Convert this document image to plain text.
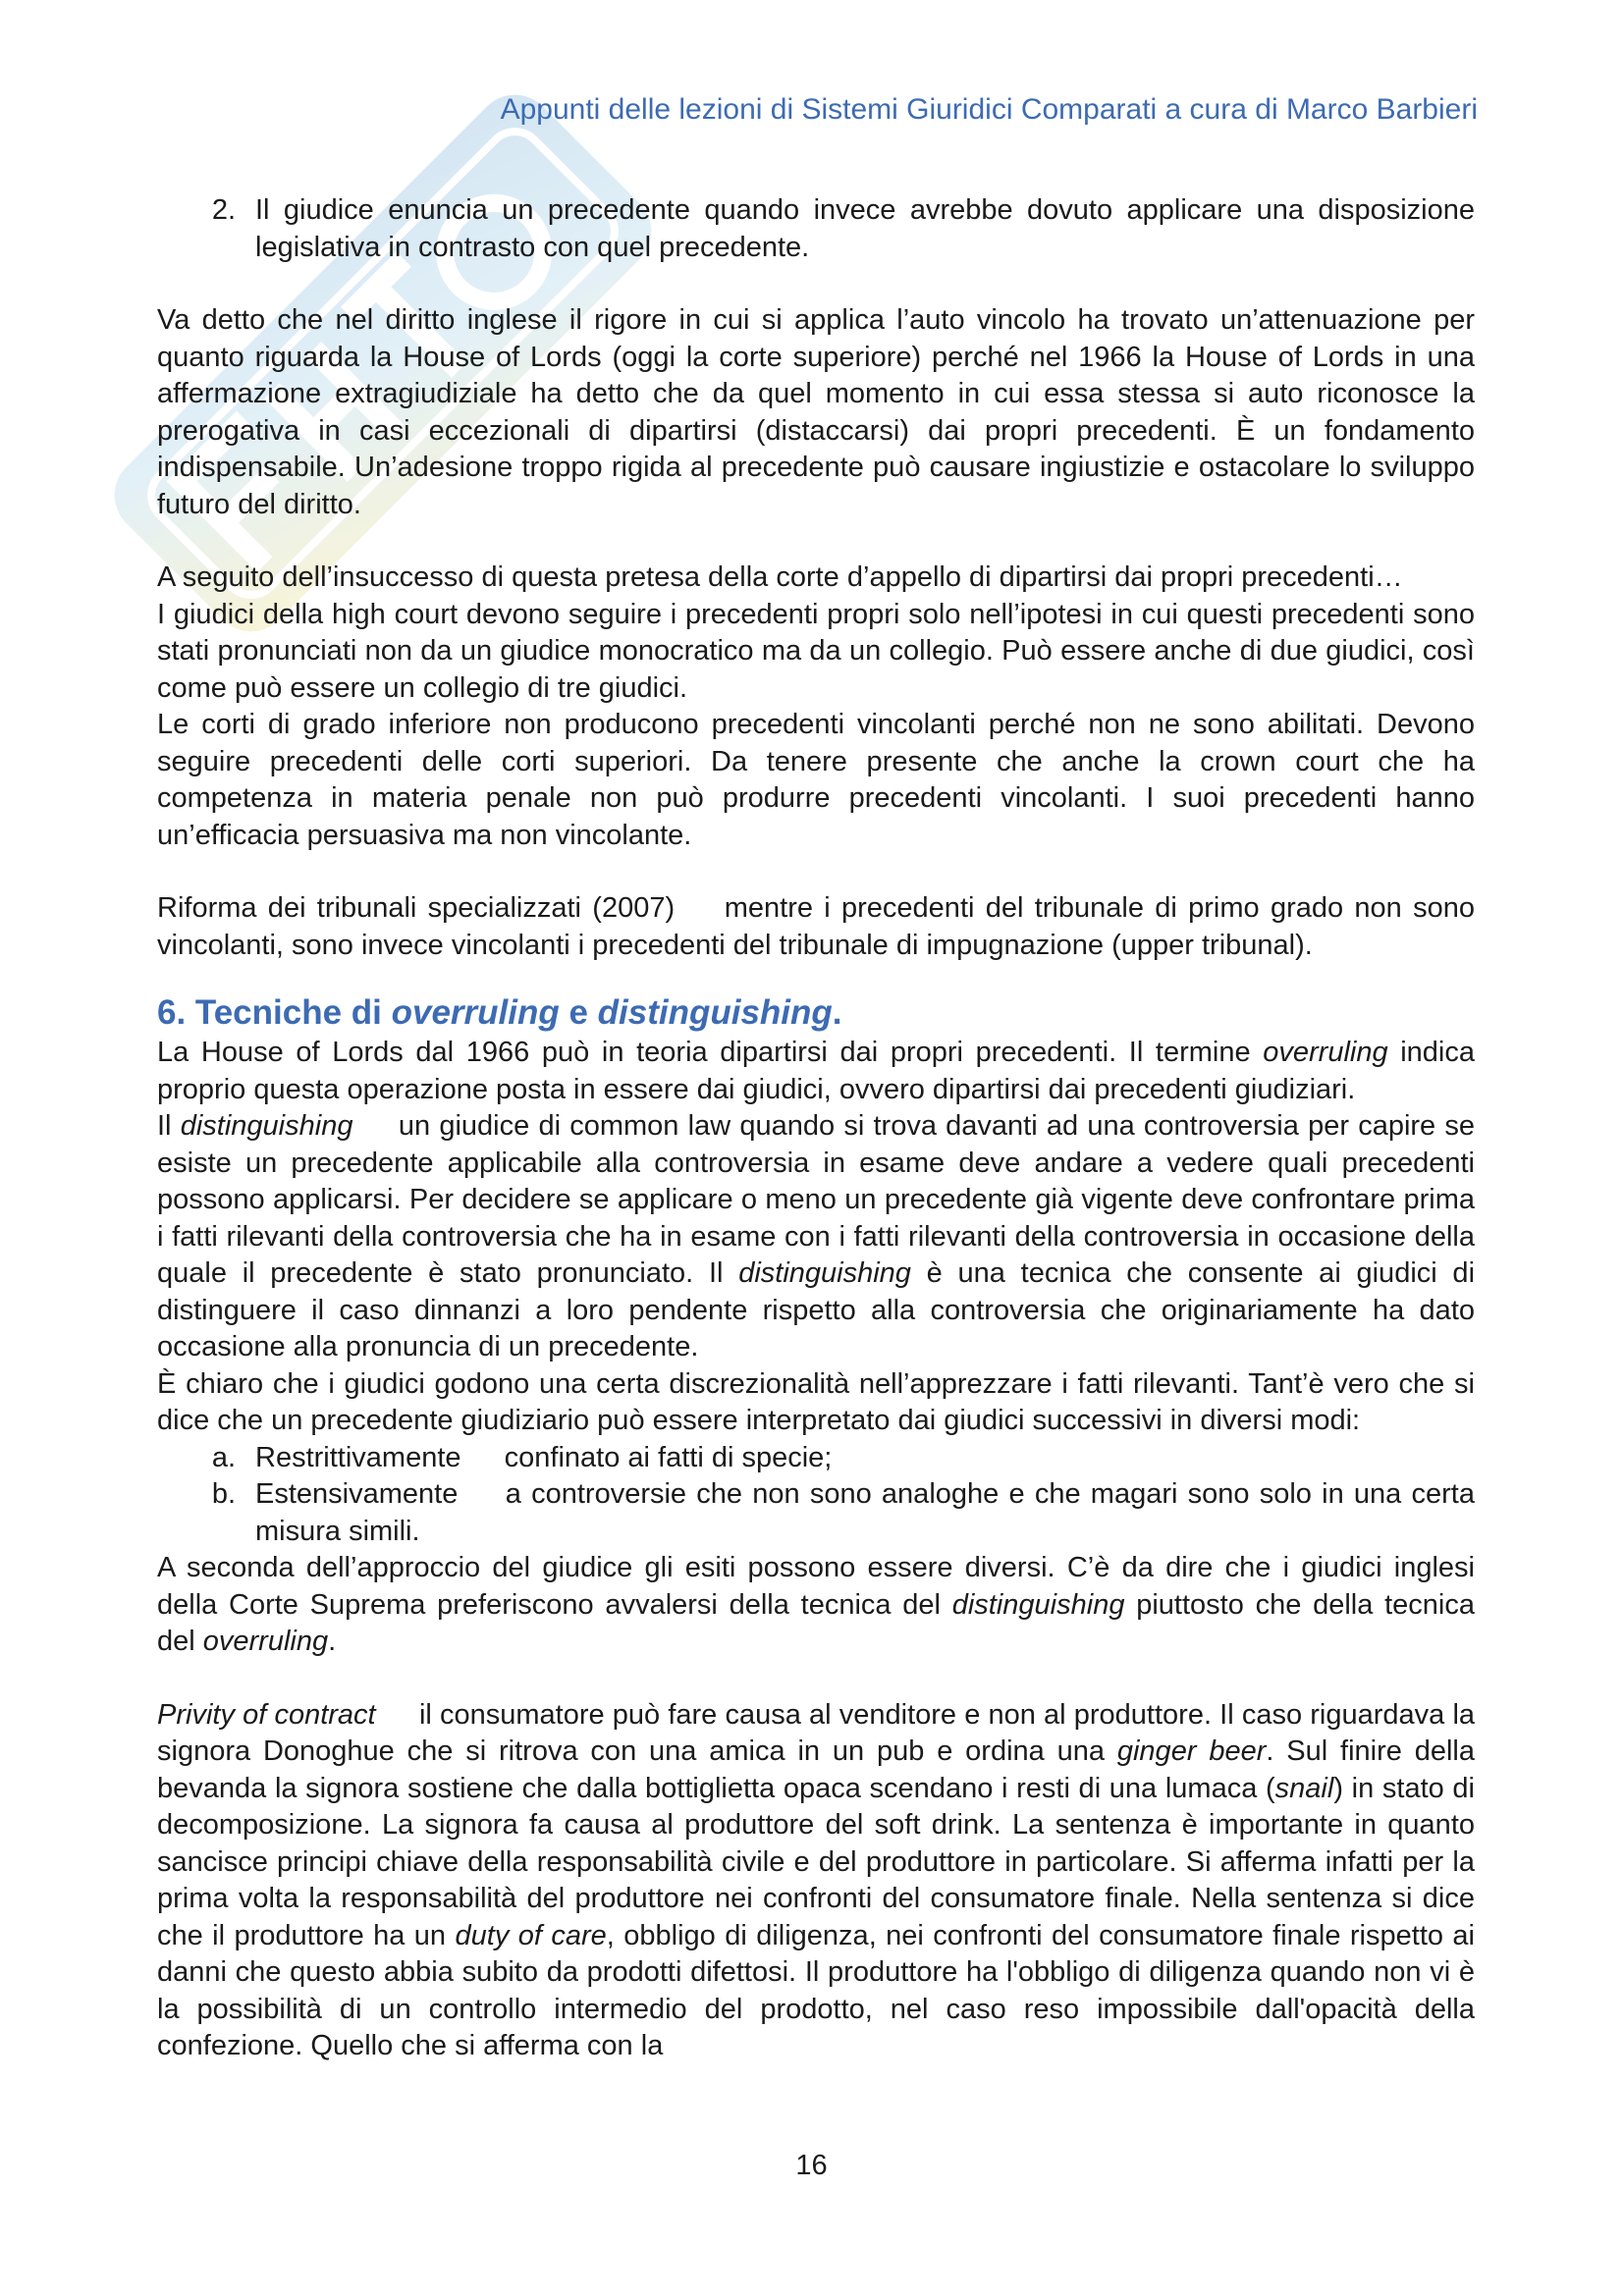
Appunti delle lezioni di Sistemi Giuridici Comparati a cura di Marco Barbieri
2. Il giudice enuncia un precedente quando invece avrebbe dovuto applicare una disposizione legislativa in contrasto con quel precedente.

Va detto che nel diritto inglese il rigore in cui si applica l’auto vincolo ha trovato un’attenuazione per quanto riguarda la House of Lords (oggi la corte superiore) perché nel 1966 la House of Lords in una affermazione extragiudiziale ha detto che da quel momento in cui essa stessa si auto riconosce la prerogativa in casi eccezionali di dipartirsi (distaccarsi) dai propri precedenti. È un fondamento indispensabile. Un’adesione troppo rigida al precedente può causare ingiustizie e ostacolare lo sviluppo futuro del diritto.

A seguito dell’insuccesso di questa pretesa della corte d’appello di dipartirsi dai propri precedenti…

I giudici della high court devono seguire i precedenti propri solo nell’ipotesi in cui questi precedenti sono stati pronunciati non da un giudice monocratico ma da un collegio. Può essere anche di due giudici, così come può essere un collegio di tre giudici.

Le corti di grado inferiore non producono precedenti vincolanti perché non ne sono abilitati. Devono seguire precedenti delle corti superiori. Da tenere presente che anche la crown court che ha competenza in materia penale non può produrre precedenti vincolanti. I suoi precedenti hanno un’efficacia persuasiva ma non vincolante.

Riforma dei tribunali specializzati (2007) mentre i precedenti del tribunale di primo grado non sono vincolanti, sono invece vincolanti i precedenti del tribunale di impugnazione (upper tribunal).

6. Tecniche di overruling e distinguishing.

La House of Lords dal 1966 può in teoria dipartirsi dai propri precedenti. Il termine overruling indica proprio questa operazione posta in essere dai giudici, ovvero dipartirsi dai precedenti giudiziari.

Il distinguishing un giudice di common law quando si trova davanti ad una controversia per capire se esiste un precedente applicabile alla controversia in esame deve andare a vedere quali precedenti possono applicarsi. Per decidere se applicare o meno un precedente già vigente deve confrontare prima i fatti rilevanti della controversia che ha in esame con i fatti rilevanti della controversia in occasione della quale il precedente è stato pronunciato. Il distinguishing è una tecnica che consente ai giudici di distinguere il caso dinnanzi a loro pendente rispetto alla controversia che originariamente ha dato occasione alla pronuncia di un precedente.

È chiaro che i giudici godono una certa discrezionalità nell’apprezzare i fatti rilevanti. Tant’è vero che si dice che un precedente giudiziario può essere interpretato dai giudici successivi in diversi modi:

a. Restrittivamente confinato ai fatti di specie;
b. Estensivamente a controversie che non sono analoghe e che magari sono solo in una certa misura simili.

A seconda dell’approccio del giudice gli esiti possono essere diversi. C’è da dire che i giudici inglesi della Corte Suprema preferiscono avvalersi della tecnica del distinguishing piuttosto che della tecnica del overruling.

Privity of contract il consumatore può fare causa al venditore e non al produttore. Il caso riguardava la signora Donoghue che si ritrova con una amica in un pub e ordina una ginger beer. Sul finire della bevanda la signora sostiene che dalla bottiglietta opaca scendano i resti di una lumaca (snail) in stato di decomposizione. La signora fa causa al produttore del soft drink. La sentenza è importante in quanto sancisce principi chiave della responsabilità civile e del produttore in particolare. Si afferma infatti per la prima volta la responsabilità del produttore nei confronti del consumatore finale. Nella sentenza si dice che il produttore ha un duty of care, obbligo di diligenza, nei confronti del consumatore finale rispetto ai danni che questo abbia subito da prodotti difettosi. Il produttore ha l'obbligo di diligenza quando non vi è la possibilità di un controllo intermedio del prodotto, nel caso reso impossibile dall'opacità della confezione. Quello che si afferma con la

16
